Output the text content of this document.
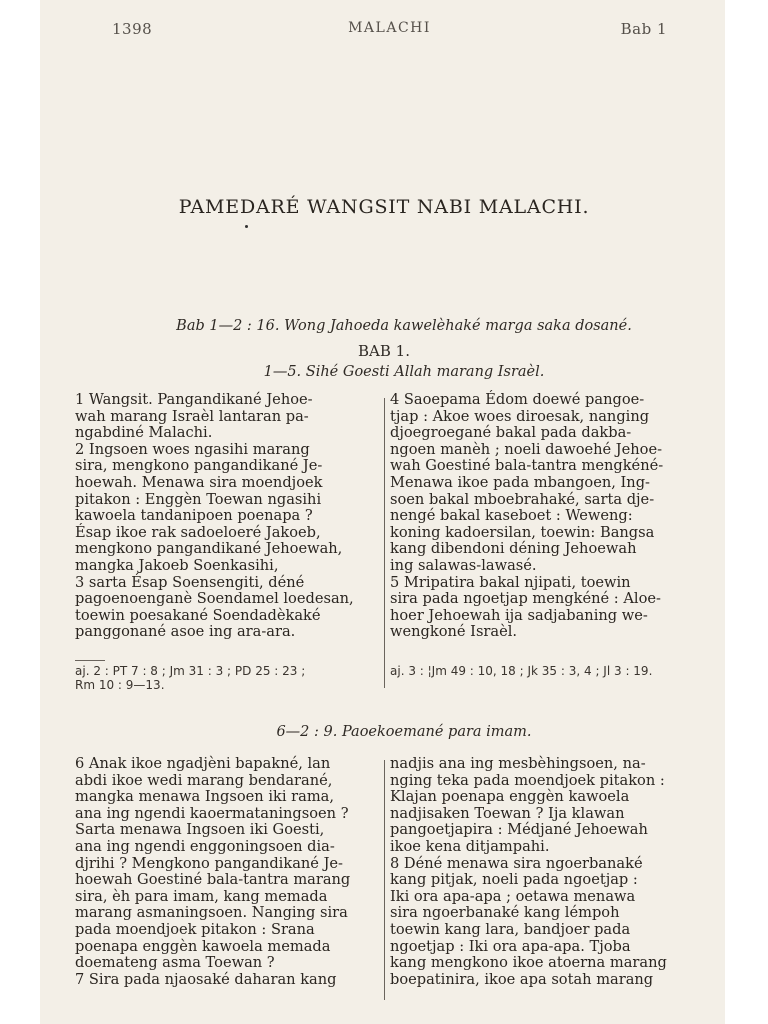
1398	MALACHI	Bab 1
PAMEDARÉ WANGSIT NABI MALACHI.
Bab 1—2 : 16. Wong Jahoeda kawelèhaké marga saka dosané.
BAB 1.
1—5. Sihé Goesti Allah marang Israèl.

1 Wangsit. Pangandikané Jehoe-
wah marang Israèl lantaran pa-
ngabdiné Malachi.
2 Ingsoen woes ngasihi marang
sira, mengkono pangandikané Je-
hoewah. Menawa sira moendjoek
pitakon : Enggèn Toewan ngasihi
kawoela tandanipoen poenapa ?
Ésap ikoe rak sadoeloeré Jakoeb,
mengkono pangandikané Jehoewah,
mangka Jakoeb Soenkasihi,
3 sarta Ésap Soensengiti, déné
pagoenoenganè Soendamel loedesan,
toewin poesakané Soendadèkaké
panggonané asoe ing ara-ara.

4 Saoepama Édom doewé pangoe-
tjap : Akoe woes diroesak, nanging
djoegroegané bakal pada dakba-
ngoen manèh ; noeli dawoehé Jehoe-
wah Goestiné bala-tantra mengkéné-
Menawa ikoe pada mbangoen, Ing-
soen bakal mboebrahaké, sarta dje-
nengé bakal kaseboet : Weweng:
koning kadoersilan, toewin: Bangsa
kang dibendoni déning Jehoewah
ing salawas-lawasé.
5 Mripatira bakal njipati, toewin
sira pada ngoetjap mengkéné : Aloe-
hoer Jehoewah ija sadjabaning we-
wengkoné Israèl.

aj. 2 : PT 7 : 8 ; Jm 31 : 3 ; PD 25 : 23 ;
Rm 10 : 9—13.
aj. 3 : ¦Jm 49 : 10, 18 ; Jk 35 : 3, 4 ; Jl 3 : 19.
6—2 : 9. Paoekoemané para imam.

6 Anak ikoe ngadjèni bapakné, lan
abdi ikoe wedi marang bendarané,
mangka menawa Ingsoen iki rama,
ana ing ngendi kaoermataningsoen ?
Sarta menawa Ingsoen iki Goesti,
ana ing ngendi enggoningsoen dia-
djrihi ? Mengkono pangandikané Je-
hoewah Goestiné bala-tantra marang
sira, èh para imam, kang memada
marang asmaningsoen. Nanging sira
pada moendjoek pitakon : Srana
poenapa enggèn kawoela memada
doemateng asma Toewan ?
7 Sira pada njaosaké daharan kang

nadjis ana ing mesbèhingsoen, na-
nging teka pada moendjoek pitakon :
Klajan poenapa enggèn kawoela
nadjisaken Toewan ? Ija klawan
pangoetjapira : Médjané Jehoewah
ikoe kena ditjampahi.
8 Déné menawa sira ngoerbanaké
kang pitjak, noeli pada ngoetjap :
Iki ora apa-apa ; oetawa menawa
sira ngoerbanaké kang lémpoh
toewin kang lara, bandjoer pada
ngoetjap : Iki ora apa-apa. Tjoba
kang mengkono ikoe atoerna marang
boepatinira, ikoe apa sotah marang
